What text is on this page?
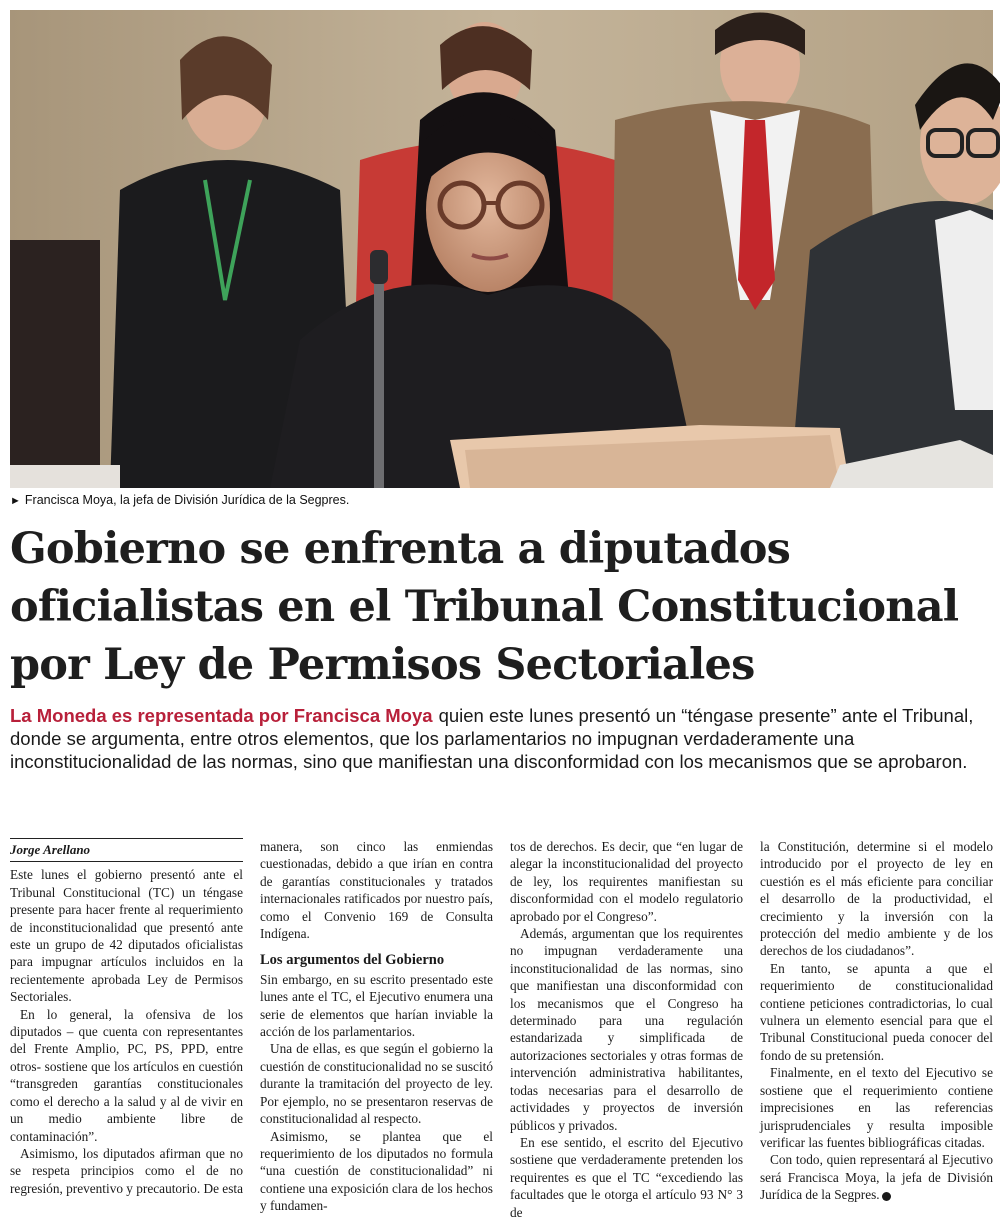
► Francisca Moya, la jefa de División Jurídica de la Segpres.
Gobierno se enfrenta a diputados oficialistas en el Tribunal Constitucional por Ley de Permisos Sectoriales

La Moneda es representada por Francisca Moya quien este lunes presentó un “téngase presente” ante el Tribunal, donde se argumenta, entre otros elementos, que los parlamentarios no impugnan verdaderamente una inconstitucionalidad de las normas, sino que manifiestan una disconformidad con los mecanismos que se aprobaron.

Jorge Arellano

Este lunes el gobierno presentó ante el Tribunal Constitucional (TC) un téngase presente para hacer frente al requerimiento de inconstitucionalidad que presentó ante este un grupo de 42 diputados oficialistas para impugnar artículos incluidos en la recientemente aprobada Ley de Permisos Sectoriales.

En lo general, la ofensiva de los diputados – que cuenta con representantes del Frente Amplio, PC, PS, PPD, entre otros- sostiene que los artículos en cuestión “transgreden garantías constitucionales como el derecho a la salud y al de vivir en un medio ambiente libre de contaminación”.

Asimismo, los diputados afirman que no se respeta principios como el de no regresión, preventivo y precautorio. De esta

manera, son cinco las enmiendas cuestionadas, debido a que irían en contra de garantías constitucionales y tratados internacionales ratificados por nuestro país, como el Convenio 169 de Consulta Indígena.

Los argumentos del Gobierno

Sin embargo, en su escrito presentado este lunes ante el TC, el Ejecutivo enumera una serie de elementos que harían inviable la acción de los parlamentarios.

Una de ellas, es que según el gobierno la cuestión de constitucionalidad no se suscitó durante la tramitación del proyecto de ley. Por ejemplo, no se presentaron reservas de constitucionalidad al respecto.

Asimismo, se plantea que el requerimiento de los diputados no formula “una cuestión de constitucionalidad” ni contiene una exposición clara de los hechos y fundamen-

tos de derechos. Es decir, que “en lugar de alegar la inconstitucionalidad del proyecto de ley, los requirentes manifiestan su disconformidad con el modelo regulatorio aprobado por el Congreso”.

Además, argumentan que los requirentes no impugnan verdaderamente una inconstitucionalidad de las normas, sino que manifiestan una disconformidad con los mecanismos que el Congreso ha determinado para una regulación estandarizada y simplificada de autorizaciones sectoriales y otras formas de intervención administrativa habilitantes, todas necesarias para el desarrollo de actividades y proyectos de inversión públicos y privados.

En ese sentido, el escrito del Ejecutivo sostiene que verdaderamente pretenden los requirentes es que el TC “excediendo las facultades que le otorga el artículo 93 N° 3 de

la Constitución, determine si el modelo introducido por el proyecto de ley en cuestión es el más eficiente para conciliar el desarrollo de la productividad, el crecimiento y la inversión con la protección del medio ambiente y de los derechos de los ciudadanos”.

En tanto, se apunta a que el requerimiento de constitucionalidad contiene peticiones contradictorias, lo cual vulnera un elemento esencial para que el Tribunal Constitucional pueda conocer del fondo de su pretensión.

Finalmente, en el texto del Ejecutivo se sostiene que el requerimiento contiene imprecisiones en las referencias jurisprudenciales y resulta imposible verificar las fuentes bibliográficas citadas.

Con todo, quien representará al Ejecutivo será Francisca Moya, la jefa de División Jurídica de la Segpres.
